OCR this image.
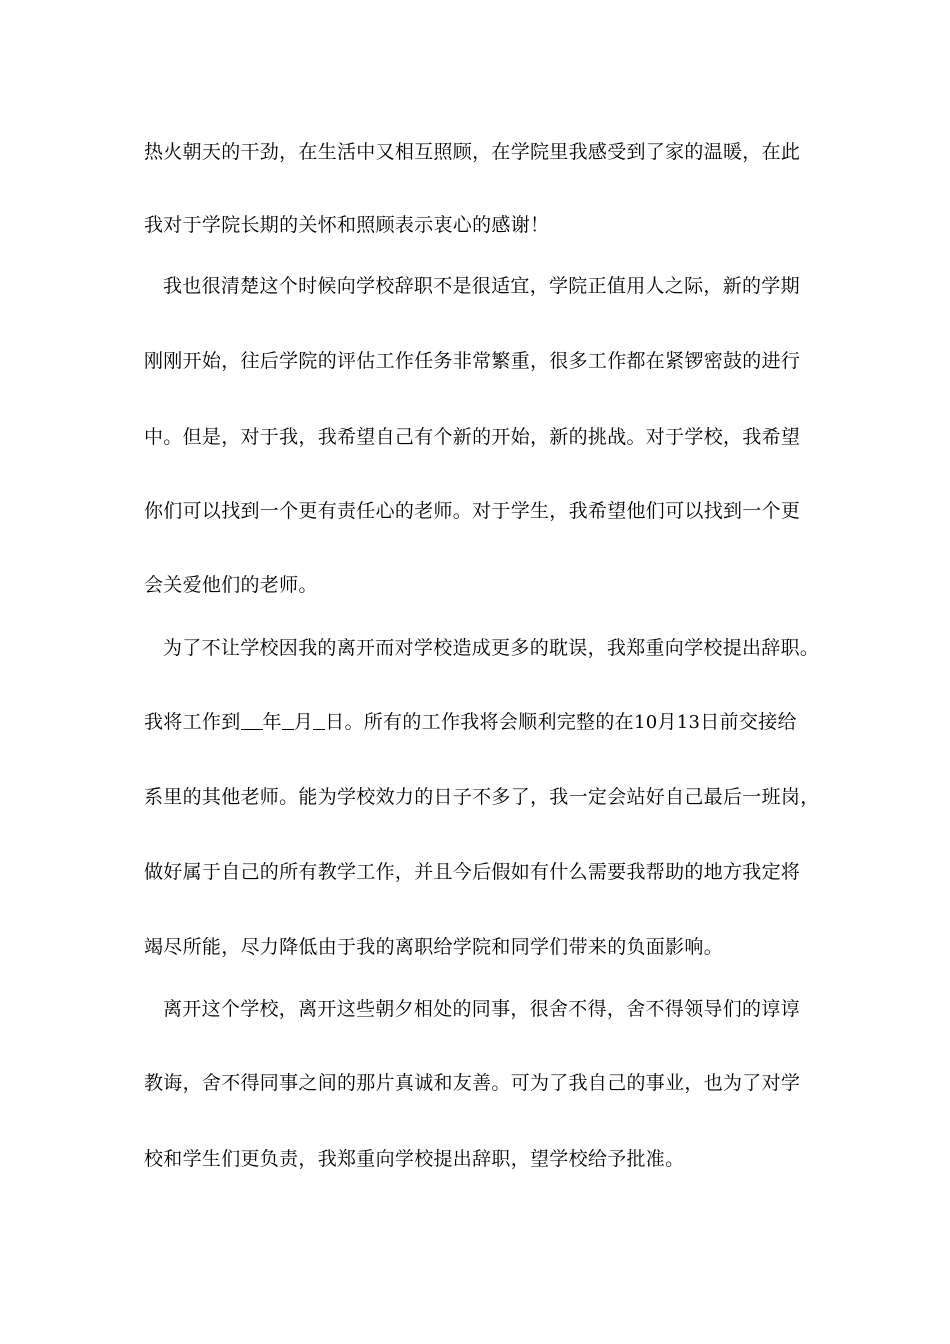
热火朝天的干劲，在生活中又相互照顾，在学院里我感受到了家的温暖，在此
我对于学院长期的关怀和照顾表示衷心的感谢！
我也很清楚这个时候向学校辞职不是很适宜，学院正值用人之际，新的学期
刚刚开始，往后学院的评估工作任务非常繁重，很多工作都在紧锣密鼓的进行
中。但是，对于我，我希望自己有个新的开始，新的挑战。对于学校，我希望
你们可以找到一个更有责任心的老师。对于学生，我希望他们可以找到一个更
会关爱他们的老师。
为了不让学校因我的离开而对学校造成更多的耽误，我郑重向学校提出辞职。
我将工作到 年 月 日。所有的工作我将会顺利完整的在10月13日前交接给
系里的其他老师。能为学校效力的日子不多了，我一定会站好自己最后一班岗，
做好属于自己的所有教学工作，并且今后假如有什么需要我帮助的地方我定将
竭尽所能，尽力降低由于我的离职给学院和同学们带来的负面影响。
离开这个学校，离开这些朝夕相处的同事，很舍不得，舍不得领导们的谆谆
教诲，舍不得同事之间的那片真诚和友善。可为了我自己的事业，也为了对学
校和学生们更负责，我郑重向学校提出辞职，望学校给予批准。
